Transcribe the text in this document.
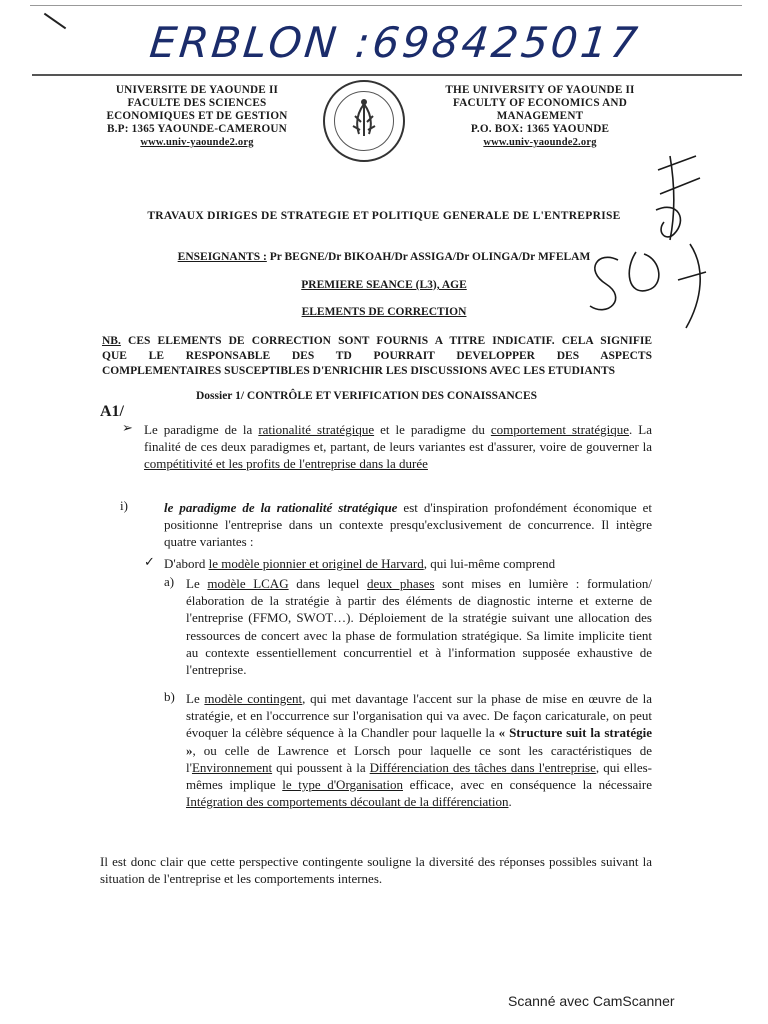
ERBLON :698425017
UNIVERSITE DE YAOUNDE II
FACULTE DES SCIENCES
ECONOMIQUES ET DE GESTION
B.P: 1365 YAOUNDE-CAMEROUN
www.univ-yaounde2.org
THE UNIVERSITY OF YAOUNDE II
FACULTY OF ECONOMICS AND
MANAGEMENT
P.O. BOX: 1365 YAOUNDE
www.univ-yaounde2.org
TRAVAUX DIRIGES DE STRATEGIE ET POLITIQUE GENERALE DE L'ENTREPRISE
ENSEIGNANTS : Pr BEGNE/Dr BIKOAH/Dr ASSIGA/Dr OLINGA/Dr MFELAM
PREMIERE SEANCE (L3), AGE
ELEMENTS DE CORRECTION
NB. CES ELEMENTS DE CORRECTION SONT FOURNIS A TITRE INDICATIF. CELA SIGNIFIE
QUE LE RESPONSABLE DES TD POURRAIT DEVELOPPER DES ASPECTS
COMPLEMENTAIRES SUSCEPTIBLES D'ENRICHIR LES DISCUSSIONS AVEC LES ETUDIANTS
Dossier 1/ CONTRÔLE ET VERIFICATION DES CONAISSANCES
A1/
➢ Le paradigme de la rationalité stratégique et le paradigme du comportement stratégique. La finalité de ces deux paradigmes et, partant, de leurs variantes est d'assurer, voire de gouverner la compétitivité et les profits de l'entreprise dans la durée
i)	le paradigme de la rationalité stratégique est d'inspiration profondément économique et positionne l'entreprise dans un contexte presqu'exclusivement de concurrence. Il intègre quatre variantes :
✓ D'abord le modèle pionnier et originel de Harvard, qui lui-même comprend
a) Le modèle LCAG dans lequel deux phases sont mises en lumière : formulation/élaboration de la stratégie à partir des éléments de diagnostic interne et externe de l'entreprise (FFMO, SWOT…). Déploiement de la stratégie suivant une allocation des ressources de concert avec la phase de formulation stratégique. Sa limite implicite tient au contexte essentiellement concurrentiel et à l'information supposée exhaustive de l'entreprise.
b) Le modèle contingent, qui met davantage l'accent sur la phase de mise en œuvre de la stratégie, et en l'occurrence sur l'organisation qui va avec. De façon caricaturale, on peut évoquer la célèbre séquence à la Chandler pour laquelle la « Structure suit la stratégie », ou celle de Lawrence et Lorsch pour laquelle ce sont les caractéristiques de l'Environnement qui poussent à la Différenciation des tâches dans l'entreprise, qui elles-mêmes implique le type d'Organisation efficace, avec en conséquence la nécessaire Intégration des comportements découlant de la différenciation.
Il est donc clair que cette perspective contingente souligne la diversité des réponses possibles suivant la situation de l'entreprise et les comportements internes.
Scanné avec CamScanner
